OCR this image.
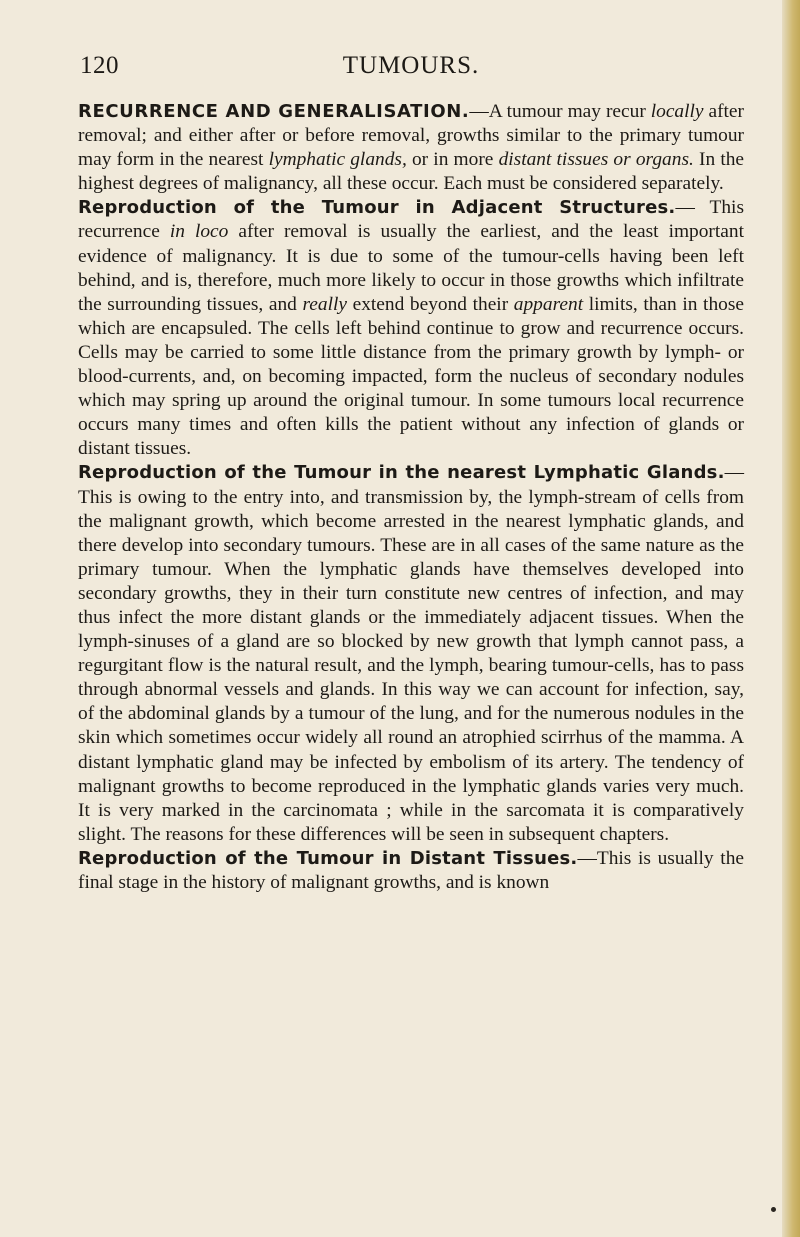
120	TUMOURS.

RECURRENCE AND GENERALISATION.—A tumour may recur locally after removal; and either after or before removal, growths similar to the primary tumour may form in the nearest lymphatic glands, or in more distant tissues or organs. In the highest degrees of malignancy, all these occur. Each must be considered separately.

Reproduction of the Tumour in Adjacent Structures.— This recurrence in loco after removal is usually the earliest, and the least important evidence of malignancy. It is due to some of the tumour-cells having been left behind, and is, therefore, much more likely to occur in those growths which infiltrate the surrounding tissues, and really extend beyond their apparent limits, than in those which are encapsuled. The cells left behind continue to grow and recurrence occurs. Cells may be carried to some little distance from the primary growth by lymph- or blood-currents, and, on becoming impacted, form the nucleus of secondary nodules which may spring up around the original tumour. In some tumours local recurrence occurs many times and often kills the patient without any infection of glands or distant tissues.

Reproduction of the Tumour in the nearest Lymphatic Glands.—This is owing to the entry into, and transmission by, the lymph-stream of cells from the malignant growth, which become arrested in the nearest lymphatic glands, and there develop into secondary tumours. These are in all cases of the same nature as the primary tumour. When the lymphatic glands have themselves developed into secondary growths, they in their turn constitute new centres of infection, and may thus infect the more distant glands or the immediately adjacent tissues. When the lymph-sinuses of a gland are so blocked by new growth that lymph cannot pass, a regurgitant flow is the natural result, and the lymph, bearing tumour-cells, has to pass through abnormal vessels and glands. In this way we can account for infection, say, of the abdominal glands by a tumour of the lung, and for the numerous nodules in the skin which sometimes occur widely all round an atrophied scirrhus of the mamma. A distant lymphatic gland may be infected by embolism of its artery. The tendency of malignant growths to become reproduced in the lymphatic glands varies very much. It is very marked in the carcinomata ; while in the sarcomata it is comparatively slight. The reasons for these differences will be seen in subsequent chapters.

Reproduction of the Tumour in Distant Tissues.—This is usually the final stage in the history of malignant growths, and is known
